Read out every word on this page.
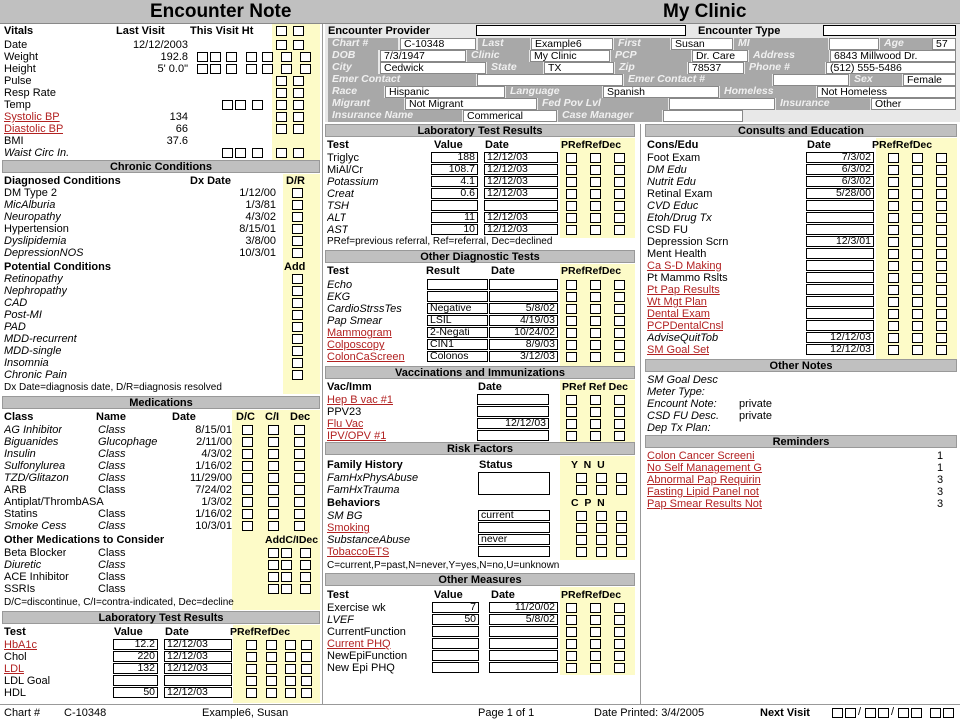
Encounter Note	My Clinic
Vitals	Last Visit This Visit Ht
Date	12/12/2003
Weight	192.8
Height	5' 0.0"
Pulse
Resp Rate
Temp
Systolic BP	134
Diastolic BP	66
BMI	37.6
Waist Circ In.
Chronic Conditions
Diagnosed Conditions	Dx Date	D/R
DM Type 2	1/12/00
MicAlburia	1/3/81
Neuropathy	4/3/02
Hypertension	8/15/01
Dyslipidemia	3/8/00
DepressionNOS	10/3/01
Potential Conditions	Add
Retinopathy
Nephropathy
CAD
Post-MI
PAD
MDD-recurrent
MDD-single
Insomnia
Chronic Pain
Dx Date=diagnosis date, D/R=diagnosis resolved
Medications
Class	Name	Date	D/C C/I Dec
AG Inhibitor	Class	8/15/01
Biguanides	Glucophage	2/11/00
Insulin	Class	4/3/02
Sulfonylurea	Class	1/16/02
TZD/Glitazon	Class	11/29/00
ARB	Class	7/24/02
Antiplat/ThrombASA	1/3/02
Statins	Class	1/16/02
Smoke Cess	Class	10/3/01
Other Medications to Consider	AddC/IDec
Beta Blocker	Class
Diuretic	Class
ACE Inhibitor	Class
SSRIs	Class
D/C=discontinue, C/I=contra-indicated, Dec=decline
Laboratory Test Results
Test	Value Date	PRefRefDec
HbA1c	12.2 12/12/03
Chol	220 12/12/03
LDL	132 12/12/03
LDL Goal
HDL	50 12/12/03
Encounter Provider	Encounter Type
Chart #	C-10348	Last	Example6	First	Susan	MI	Age	57
DOB	7/3/1947	Clinic	My Clinic	PCP	Dr. Care	Address	6843 Millwood Dr.
City	Cedwick	State	TX	Zip	78537	Phone #	(512) 555-5486
Emer Contact	Emer Contact #	Sex	Female
Race	Hispanic	Language	Spanish	Homeless	Not Homeless
Migrant	Not Migrant	Fed Pov Lvl	Insurance	Other
Insurance Name	Commerical	Case Manager
Laboratory Test Results
Test	Value Date	PRefRefDec
Triglyc	188 12/12/03
MiAl/Cr	108.7 12/12/03
Potassium	4.1 12/12/03
Creat	0.6 12/12/03
TSH
ALT	11 12/12/03
AST	10 12/12/03
PRef=previous referral, Ref=referral, Dec=declined
Other Diagnostic Tests
Test	Result	Date	PRefRefDec
Echo
EKG
CardioStrssTes	Negative	5/8/02
Pap Smear	LSIL	4/19/03
Mammogram	2-Negati	10/24/02
Colposcopy	CIN1	8/9/03
ColonCaScreen	Colonos	3/12/03
Vaccinations and Immunizations
Vac/Imm	Date	PRef Ref Dec
Hep B vac #1
PPV23
Flu Vac	12/12/03
IPV/OPV #1
Risk Factors
Family History	Status	Y  N  U
FamHxPhysAbuse
FamHxTrauma
Behaviors	C  P  N
SM BG	current
Smoking
SubstanceAbuse	never
TobaccoETS
C=current,P=past,N=never,Y=yes,N=no,U=unknown
Other Measures
Test	Value	Date	PRefRefDec
Exercise wk	7	11/20/02
LVEF	50	5/8/02
CurrentFunction
Current PHQ
NewEpiFunction
New Epi PHQ
Consults and Education
Cons/Edu	Date	PRefRefDec
Foot Exam	7/3/02
DM Edu	6/3/02
Nutrit Edu	6/3/02
Retinal Exam	5/28/00
CVD Educ
Etoh/Drug Tx
CSD FU
Depression Scrn	12/3/01
Ment Health
Ca S-D Making
Pt Mammo Rslts
Pt Pap Results
Wt Mgt Plan
Dental Exam
PCPDentalCnsl
AdviseQuitTob	12/12/03
SM Goal Set	12/12/03
Other Notes
SM Goal Desc
Meter Type:
Encount Note: private
CSD FU Desc. private
Dep Tx Plan:
Reminders
Colon Cancer Screeni	1
No Self Management G	1
Abnormal Pap Requirin	3
Fasting Lipid Panel not	3
Pap Smear Results Not	3
Chart # C-10348	Example6, Susan	Page 1 of 1	Date Printed: 3/4/2005	Next Visit	/	/
